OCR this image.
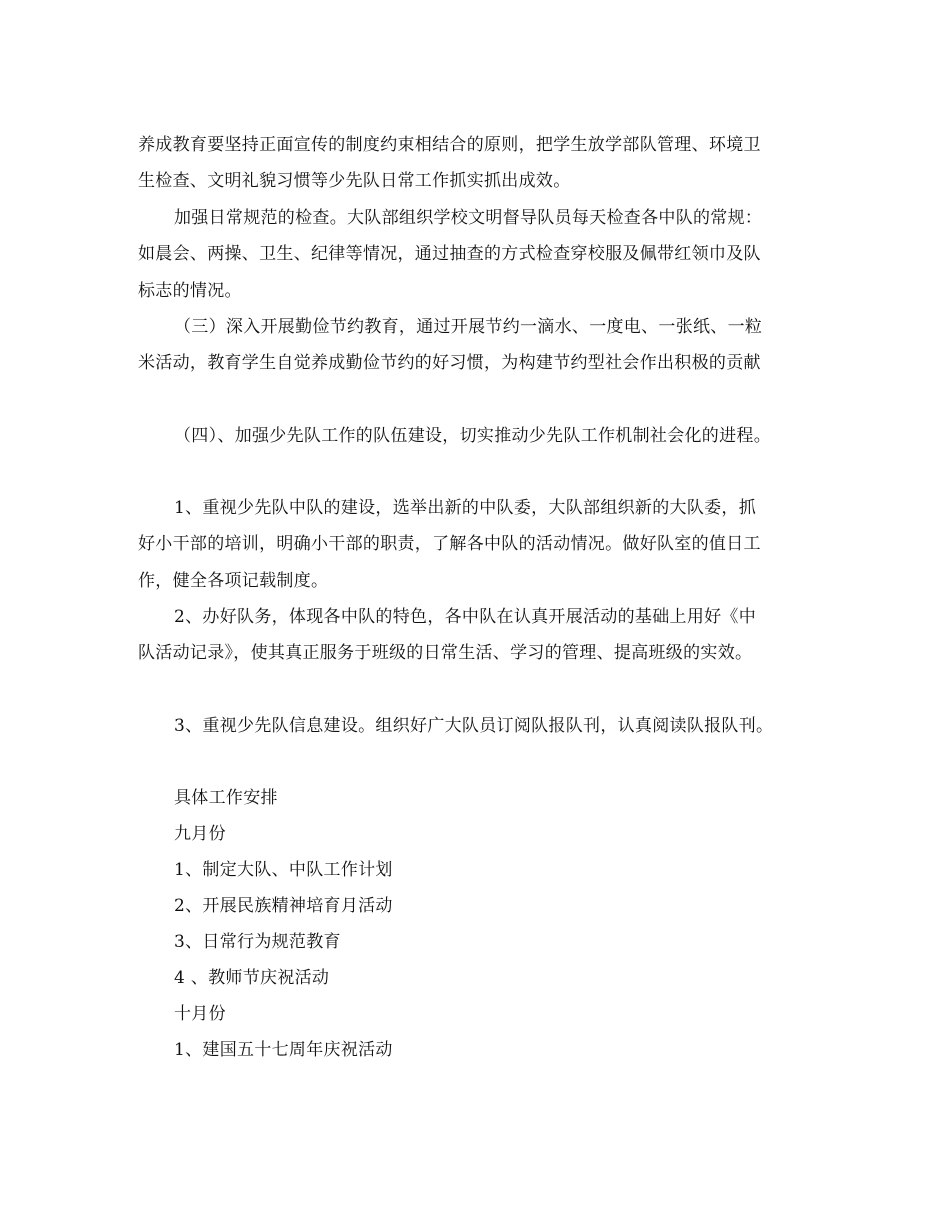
养成教育要坚持正面宣传的制度约束相结合的原则，把学生放学部队管理、环境卫
生检查、文明礼貌习惯等少先队日常工作抓实抓出成效。
加强日常规范的检查。大队部组织学校文明督导队员每天检查各中队的常规：
如晨会、两操、卫生、纪律等情况，通过抽查的方式检查穿校服及佩带红领巾及队
标志的情况。
（三）深入开展勤俭节约教育，通过开展节约一滴水、一度电、一张纸、一粒
米活动，教育学生自觉养成勤俭节约的好习惯，为构建节约型社会作出积极的贡献
（四）、加强少先队工作的队伍建设，切实推动少先队工作机制社会化的进程。
1、重视少先队中队的建设，选举出新的中队委，大队部组织新的大队委，抓
好小干部的培训，明确小干部的职责，了解各中队的活动情况。做好队室的值日工
作，健全各项记载制度。
2、办好队务，体现各中队的特色，各中队在认真开展活动的基础上用好《中
队活动记录》，使其真正服务于班级的日常生活、学习的管理、提高班级的实效。
3、重视少先队信息建设。组织好广大队员订阅队报队刊，认真阅读队报队刊。
具体工作安排
九月份
1、制定大队、中队工作计划
2、开展民族精神培育月活动
3、日常行为规范教育
4 、教师节庆祝活动
十月份
1、建国五十七周年庆祝活动
